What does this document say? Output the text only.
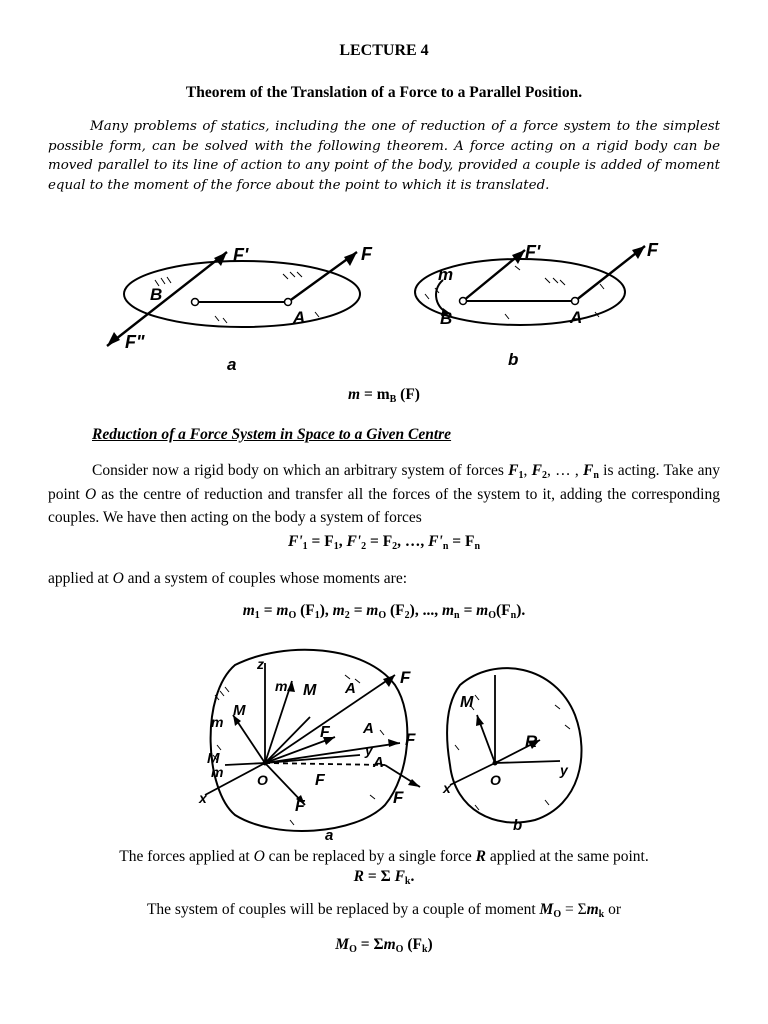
LECTURE 4
Theorem of the Translation of a Force to a Parallel Position.
Many problems of statics, including the one of reduction of a force system to the simplest possible form, can be solved with the following theorem. A force acting on a rigid body can be moved parallel to its line of action to any point of the body, provided a couple is added of moment equal to the moment of the force about the point to which it is translated.
F'	F
F"
B
A
a
F'	F
m
B	A
b
$m = m_B$ (F)
Reduction of a Force System in Space to a Given Centre
Consider now a rigid body on which an arbitrary system of forces $F_1$, $F_2$, … , $F_n$ is acting. Take any point O as the centre of reduction and transfer all the forces of the system to it, adding the corresponding couples. We have then acting on the body a system of forces
$F'_1 = F_1$, $F'_2 = F_2$, …, $F'_n = F_n$
applied at O and a system of couples whose moments are:
$m_1 = m_O$ $(F_1)$, $m_2 = m_O$ $(F_2)$, ..., $m_n = m_O(F_n)$.
z
m M A
F
M
m
F A
F
M
m O
y
A
F
F
x	F
a
M
R
O
y
x
b
The forces applied at O can be replaced by a single force R applied at the same point.
R = Σ $F_k$.
The system of couples will be replaced by a couple of moment $M_O = \Sigma m_k$ or
$M_O = \Sigma m_O$ $(F_k)$
